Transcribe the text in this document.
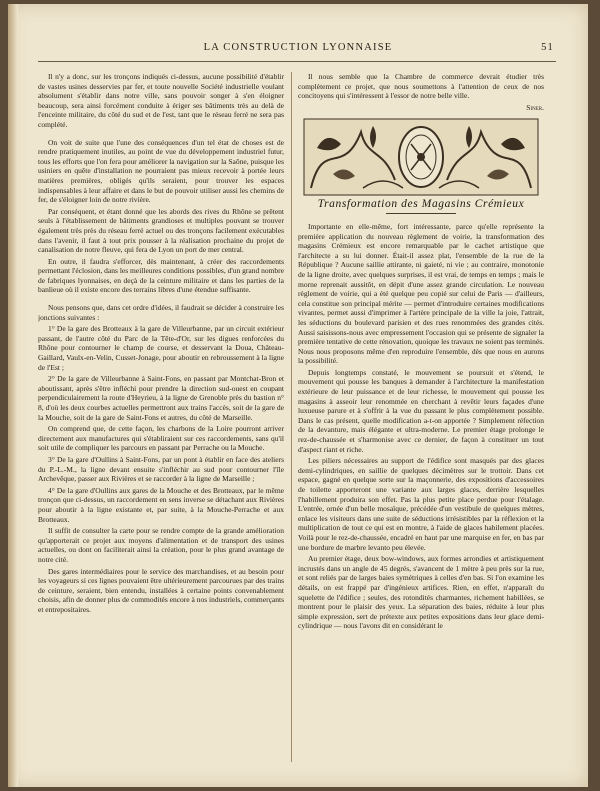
LA CONSTRUCTION LYONNAISE	51

Il n'y a donc, sur les tronçons indiqués ci-dessus, aucune possibilité d'établir de vastes usines desservies par fer, et toute nouvelle Société industrielle voulant absolument s'établir dans notre ville, sans pouvoir songer à s'en éloigner beaucoup, sera ainsi forcément conduite à ériger ses bâtiments très au delà de l'enceinte militaire, du côté du sud et de l'est, tant que le réseau ferré ne sera pas complété.

On voit de suite que l'une des conséquences d'un tel état de choses est de rendre pratiquement inutiles, au point de vue du développement industriel futur, tous les efforts que l'on fera pour améliorer la navigation sur la Saône, puisque les usiniers en quête d'installation ne pourraient pas mieux recevoir à portée leurs matières premières, obligés qu'ils seraient, pour trouver les espaces indispensables à leur affaire et dans le but de pouvoir utiliser aussi les chemins de fer, de s'éloigner loin de notre rivière.

Par conséquent, et étant donné que les abords des rives du Rhône se prêtent seuls à l'établissement de bâtiments grandioses et multiples pouvant se trouver également très près du réseau ferré actuel ou des tronçons facilement exécutables dans l'avenir, il faut à tout prix pousser à la réalisation prochaine du projet de canalisation de notre fleuve, qui fera de Lyon un port de mer central.

En outre, il faudra s'efforcer, dès maintenant, à créer des raccordements permettant l'éclosion, dans les meilleures conditions possibles, d'un grand nombre de fabriques lyonnaises, en deçà de la ceinture militaire et dans les parties de la banlieue où il existe encore des terrains libres d'une étendue suffisante.

Nous pensons que, dans cet ordre d'idées, il faudrait se décider à construire les jonctions suivantes :

1° De la gare des Brotteaux à la gare de Villeurbanne, par un circuit extérieur passant, de l'autre côté du Parc de la Tête-d'Or, sur les digues renforcées du Rhône pour contourner le champ de course, et desservant la Doua, Château-Gaillard, Vaulx-en-Velin, Cusset-Jonage, pour aboutir en rebroussement à la ligne de l'Est ;

2° De la gare de Villeurbanne à Saint-Fons, en passant par Montchat-Bron et aboutissant, après s'être infléchi pour prendre la direction sud-ouest en coupant perpendiculairement la route d'Heyrieu, à la ligne de Grenoble près du bastion n° 8, d'où les deux courbes actuelles permettront aux trains l'accès, soit de la gare de la Mouche, soit de la gare de Saint-Fons et autres, du côté de Marseille.

On comprend que, de cette façon, les charbons de la Loire pourront arriver directement aux manufactures qui s'établiraient sur ces raccordements, sans qu'il soit utile de compliquer les parcours en passant par Perrache ou la Mouche.

3° De la gare d'Oullins à Saint-Fons, par un pont à établir en face des ateliers du P.-L.-M., la ligne devant ensuite s'infléchir au sud pour contourner l'île Archevêque, passer aux Rivières et se raccorder à la ligne de Marseille ;

4° De la gare d'Oullins aux gares de la Mouche et des Brotteaux, par le même tronçon que ci-dessus, un raccordement en sens inverse se détachant aux Rivières pour aboutir à la ligne existante et, par suite, à la Mouche-Perrache et aux Brotteaux.

Il suffit de consulter la carte pour se rendre compte de la grande amélioration qu'apporterait ce projet aux moyens d'alimentation et de transport des usines actuelles, ou dont on faciliterait ainsi la création, pour le plus grand avantage de notre cité.

Des gares intermédiaires pour le service des marchandises, et au besoin pour les voyageurs si ces lignes pouvaient être ultérieurement parcourues par des trains de ceinture, seraient, bien entendu, installées à certaine points convenablement choisis, afin de donner plus de commodités encore à nos industriels, commerçants et entrepositaires.

Il nous semble que la Chambre de commerce devrait étudier très complètement ce projet, que nous soumettons à l'attention de ceux de nos concitoyens qui s'intéressent à l'essor de notre belle ville.

Siner.

Transformation des Magasins Crémieux

Importante en elle-même, fort intéressante, parce qu'elle représente la première application du nouveau règlement de voirie, la transformation des magasins Crémieux est encore remarquable par le cachet artistique que l'architecte a su lui donner. Était-il assez plat, l'ensemble de la rue de la République ? Aucune saillie attirante, ni gaieté, ni vie ; au contraire, monotonie de la ligne droite, avec quelques surprises, il est vrai, de temps en temps ; mais le morne reprenait aussitôt, en dépit d'une assez grande circulation. Le nouveau règlement de voirie, qui a été quelque peu copié sur celui de Paris — d'ailleurs, cela constitue son principal mérite — permet d'introduire certaines modifications vivantes, permet aussi d'imprimer à l'artère principale de la ville la joie, l'attrait, les séductions du boulevard parisien et des rues renommées des grandes cités. Aussi saisissons-nous avec empressement l'occasion qui se présente de signaler la première tentative de cette rénovation, quoique les travaux ne soient pas terminés. Nous nous proposons même d'en reproduire l'ensemble, dès que nous en aurons la possibilité.

Depuis longtemps constaté, le mouvement se poursuit et s'étend, le mouvement qui pousse les banques à demander à l'architecture la manifestation extérieure de leur puissance et de leur richesse, le mouvement qui pousse les magasins à asseoir leur renommée en cherchant à revêtir leurs façades d'une luxueuse parure et à s'offrir à la vue du passant le plus complètement possible. Dans le cas présent, quelle modification a-t-on apportée ? Simplement réfection de la devanture, mais élégante et ultra-moderne. Le premier étage prolonge le rez-de-chaussée et s'harmonise avec ce dernier, de façon à constituer un tout d'aspect riant et riche.

Les piliers nécessaires au support de l'édifice sont masqués par des glaces demi-cylindriques, en saillie de quelques décimètres sur le trottoir. Dans cet espace, gagné en quelque sorte sur la maçonnerie, des expositions d'accessoires de toilette apporteront une variante aux larges glaces, derrière lesquelles l'habillement produira son effet. Pas la plus petite place perdue pour l'étalage. L'entrée, ornée d'un belle mosaïque, précédée d'un vestibule de quelques mètres, enlace les visiteurs dans une suite de séductions irrésistibles par la réflexion et la multiplication de tout ce qui est en montre, à l'aide de glaces habilement placées. Voilà pour le rez-de-chaussée, encadré en haut par une marquise en fer, en bas par une bordure de marbre levanto peu élevée.

Au premier étage, deux bow-windows, aux formes arrondies et artistiquement incrustés dans un angle de 45 degrés, s'avancent de 1 mètre à peu près sur la rue, et sont reliés par de larges baies symétriques à celles d'en bas. Si l'on examine les détails, on est frappé par d'ingénieux artifices. Rien, en effet, n'apparaît du squelette de l'édifice ; seules, des rotondités charmantes, richement habillées, se montrent pour le plaisir des yeux. La séparation des baies, réduite à leur plus simple expression, sert de prétexte aux petites expositions dans leur glace demi-cylindrique — nous l'avons dit en considérant le
